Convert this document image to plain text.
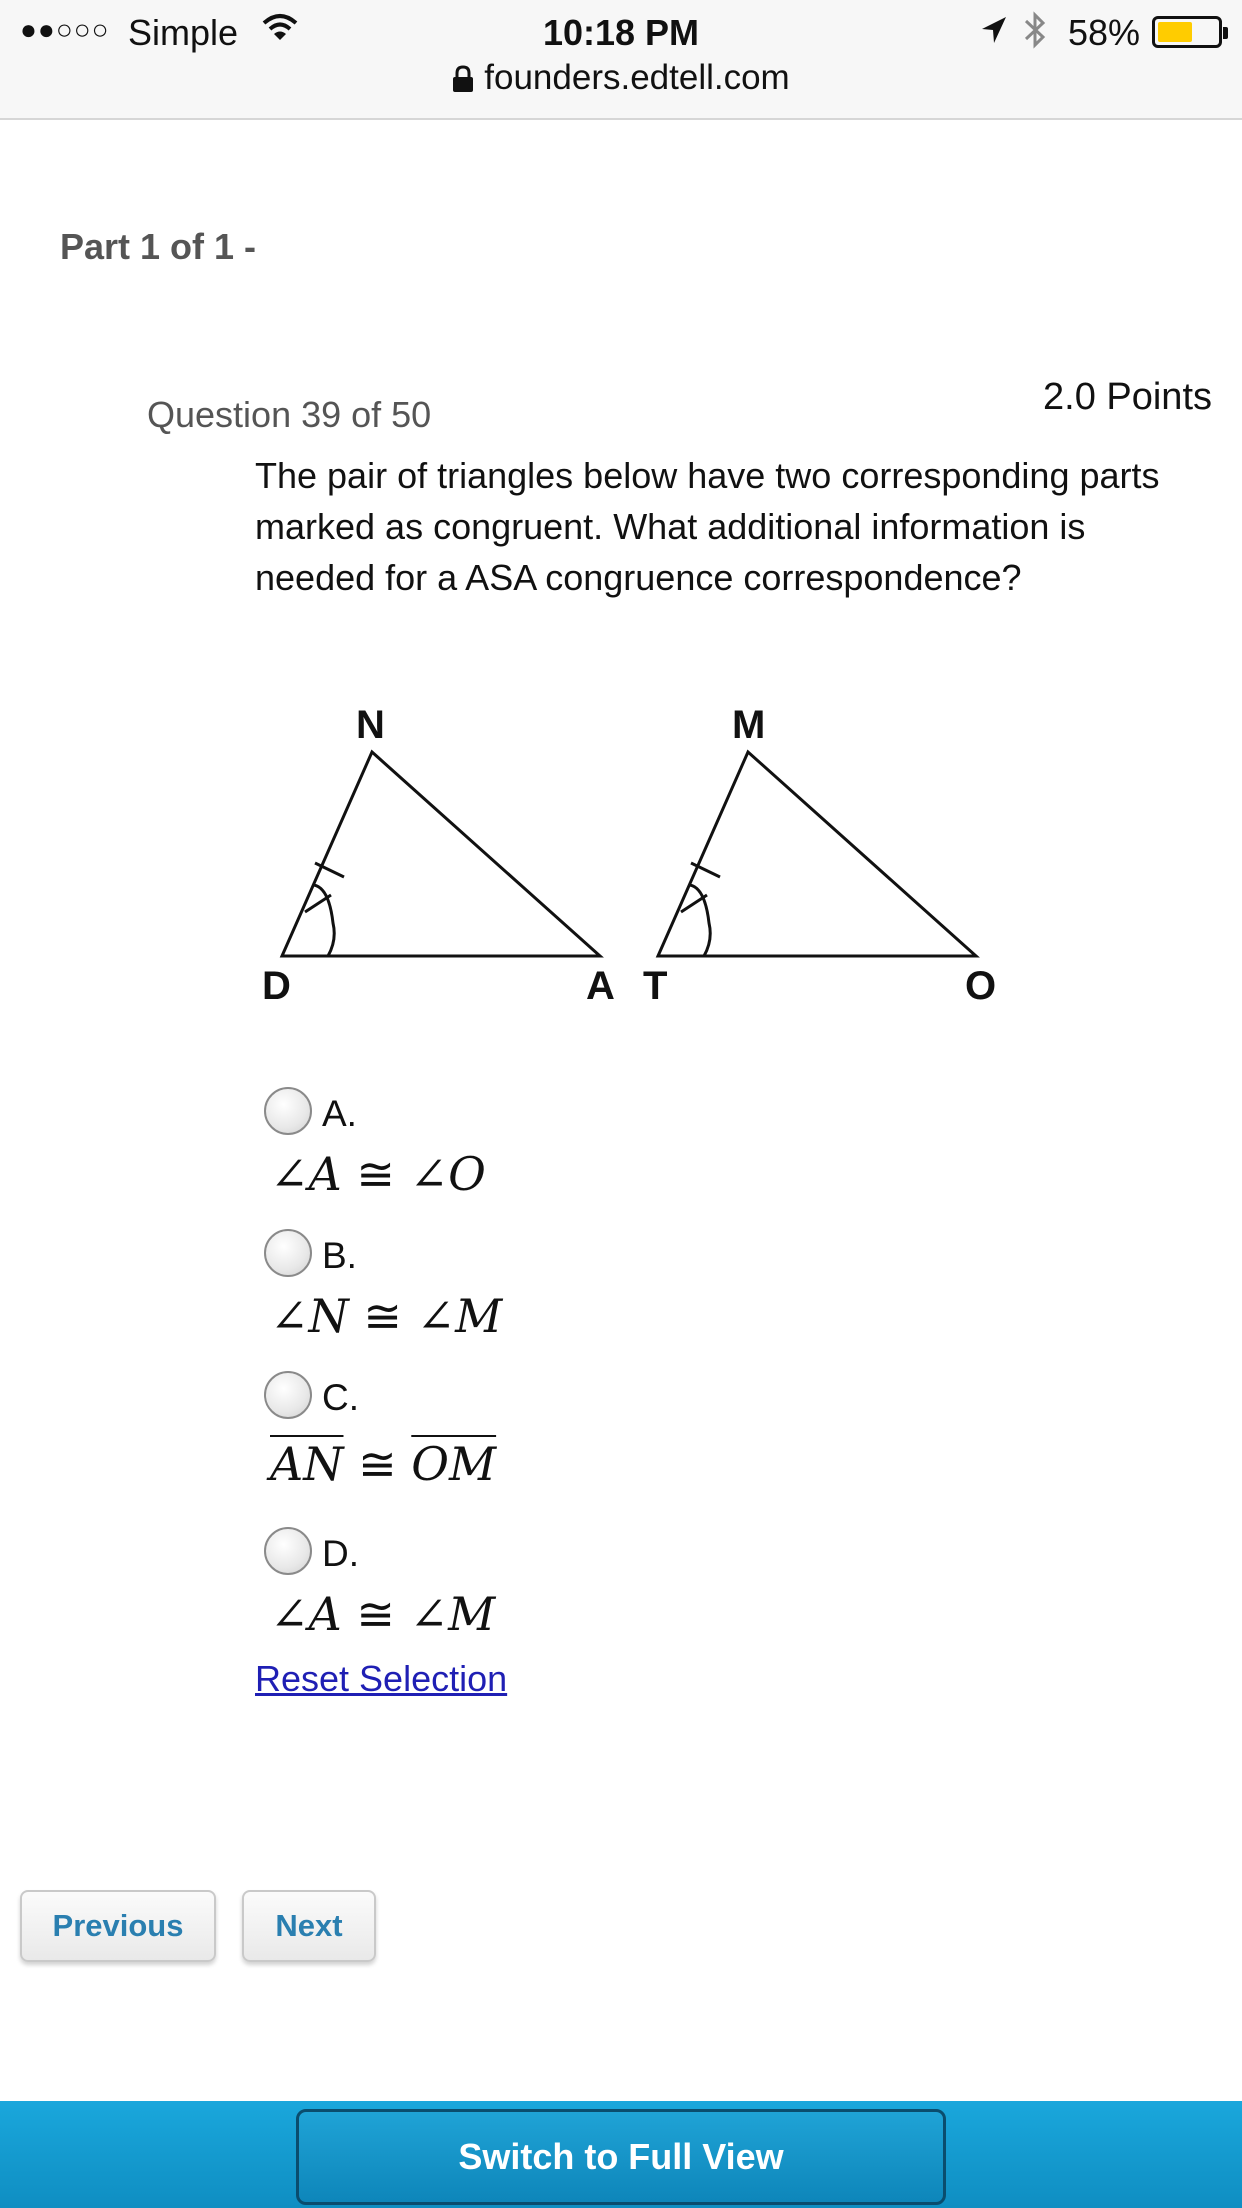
●●○○○ Simple	10:18 PM	58%
founders.edtell.com
Part 1 of 1 -
Question 39 of 50	2.0 Points
The pair of triangles below have two corresponding parts marked as congruent. What additional information is needed for a ASA congruence correspondence?
N
D	A
M
T	O
A.
∠A ≅ ∠O
B.
∠N ≅ ∠M
C.
$\overline{AN}$ ≅ $\overline{OM}$
D.
∠A ≅ ∠M
Reset Selection
Previous	Next
Switch to Full View
